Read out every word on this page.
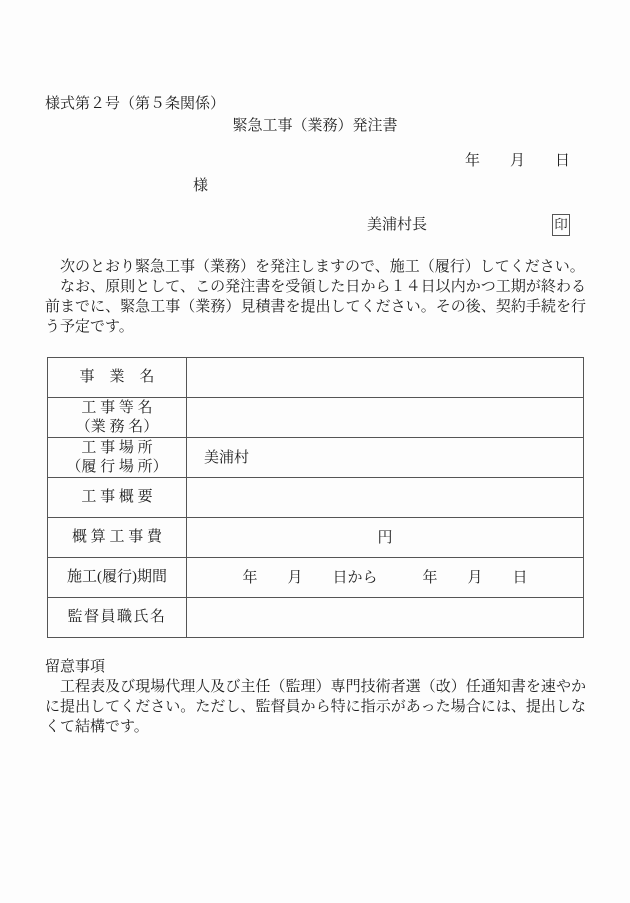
様式第２号（第５条関係）
緊急工事（業務）発注書
年　　月　　日
様
美浦村長	印

　次のとおり緊急工事（業務）を発注しますので、施工（履行）してください。

　なお、原則として、この発注書を受領した日から１４日以内かつ工期が終わる前までに、緊急工事（業務）見積書を提出してください。その後、契約手続を行う予定です。

事　業　名	

工 事 等 名
（業 務 名）	

工 事 場 所
（履 行 場 所）	美浦村

工 事 概 要	

概 算 工 事 費	円

施工(履行)期間	年　　月　　日から　　　年　　月　　日

監督員職氏名	

留意事項
　工程表及び現場代理人及び主任（監理）専門技術者選（改）任通知書を速やかに提出してください。ただし、監督員から特に指示があった場合には、提出しなくて結構です。
